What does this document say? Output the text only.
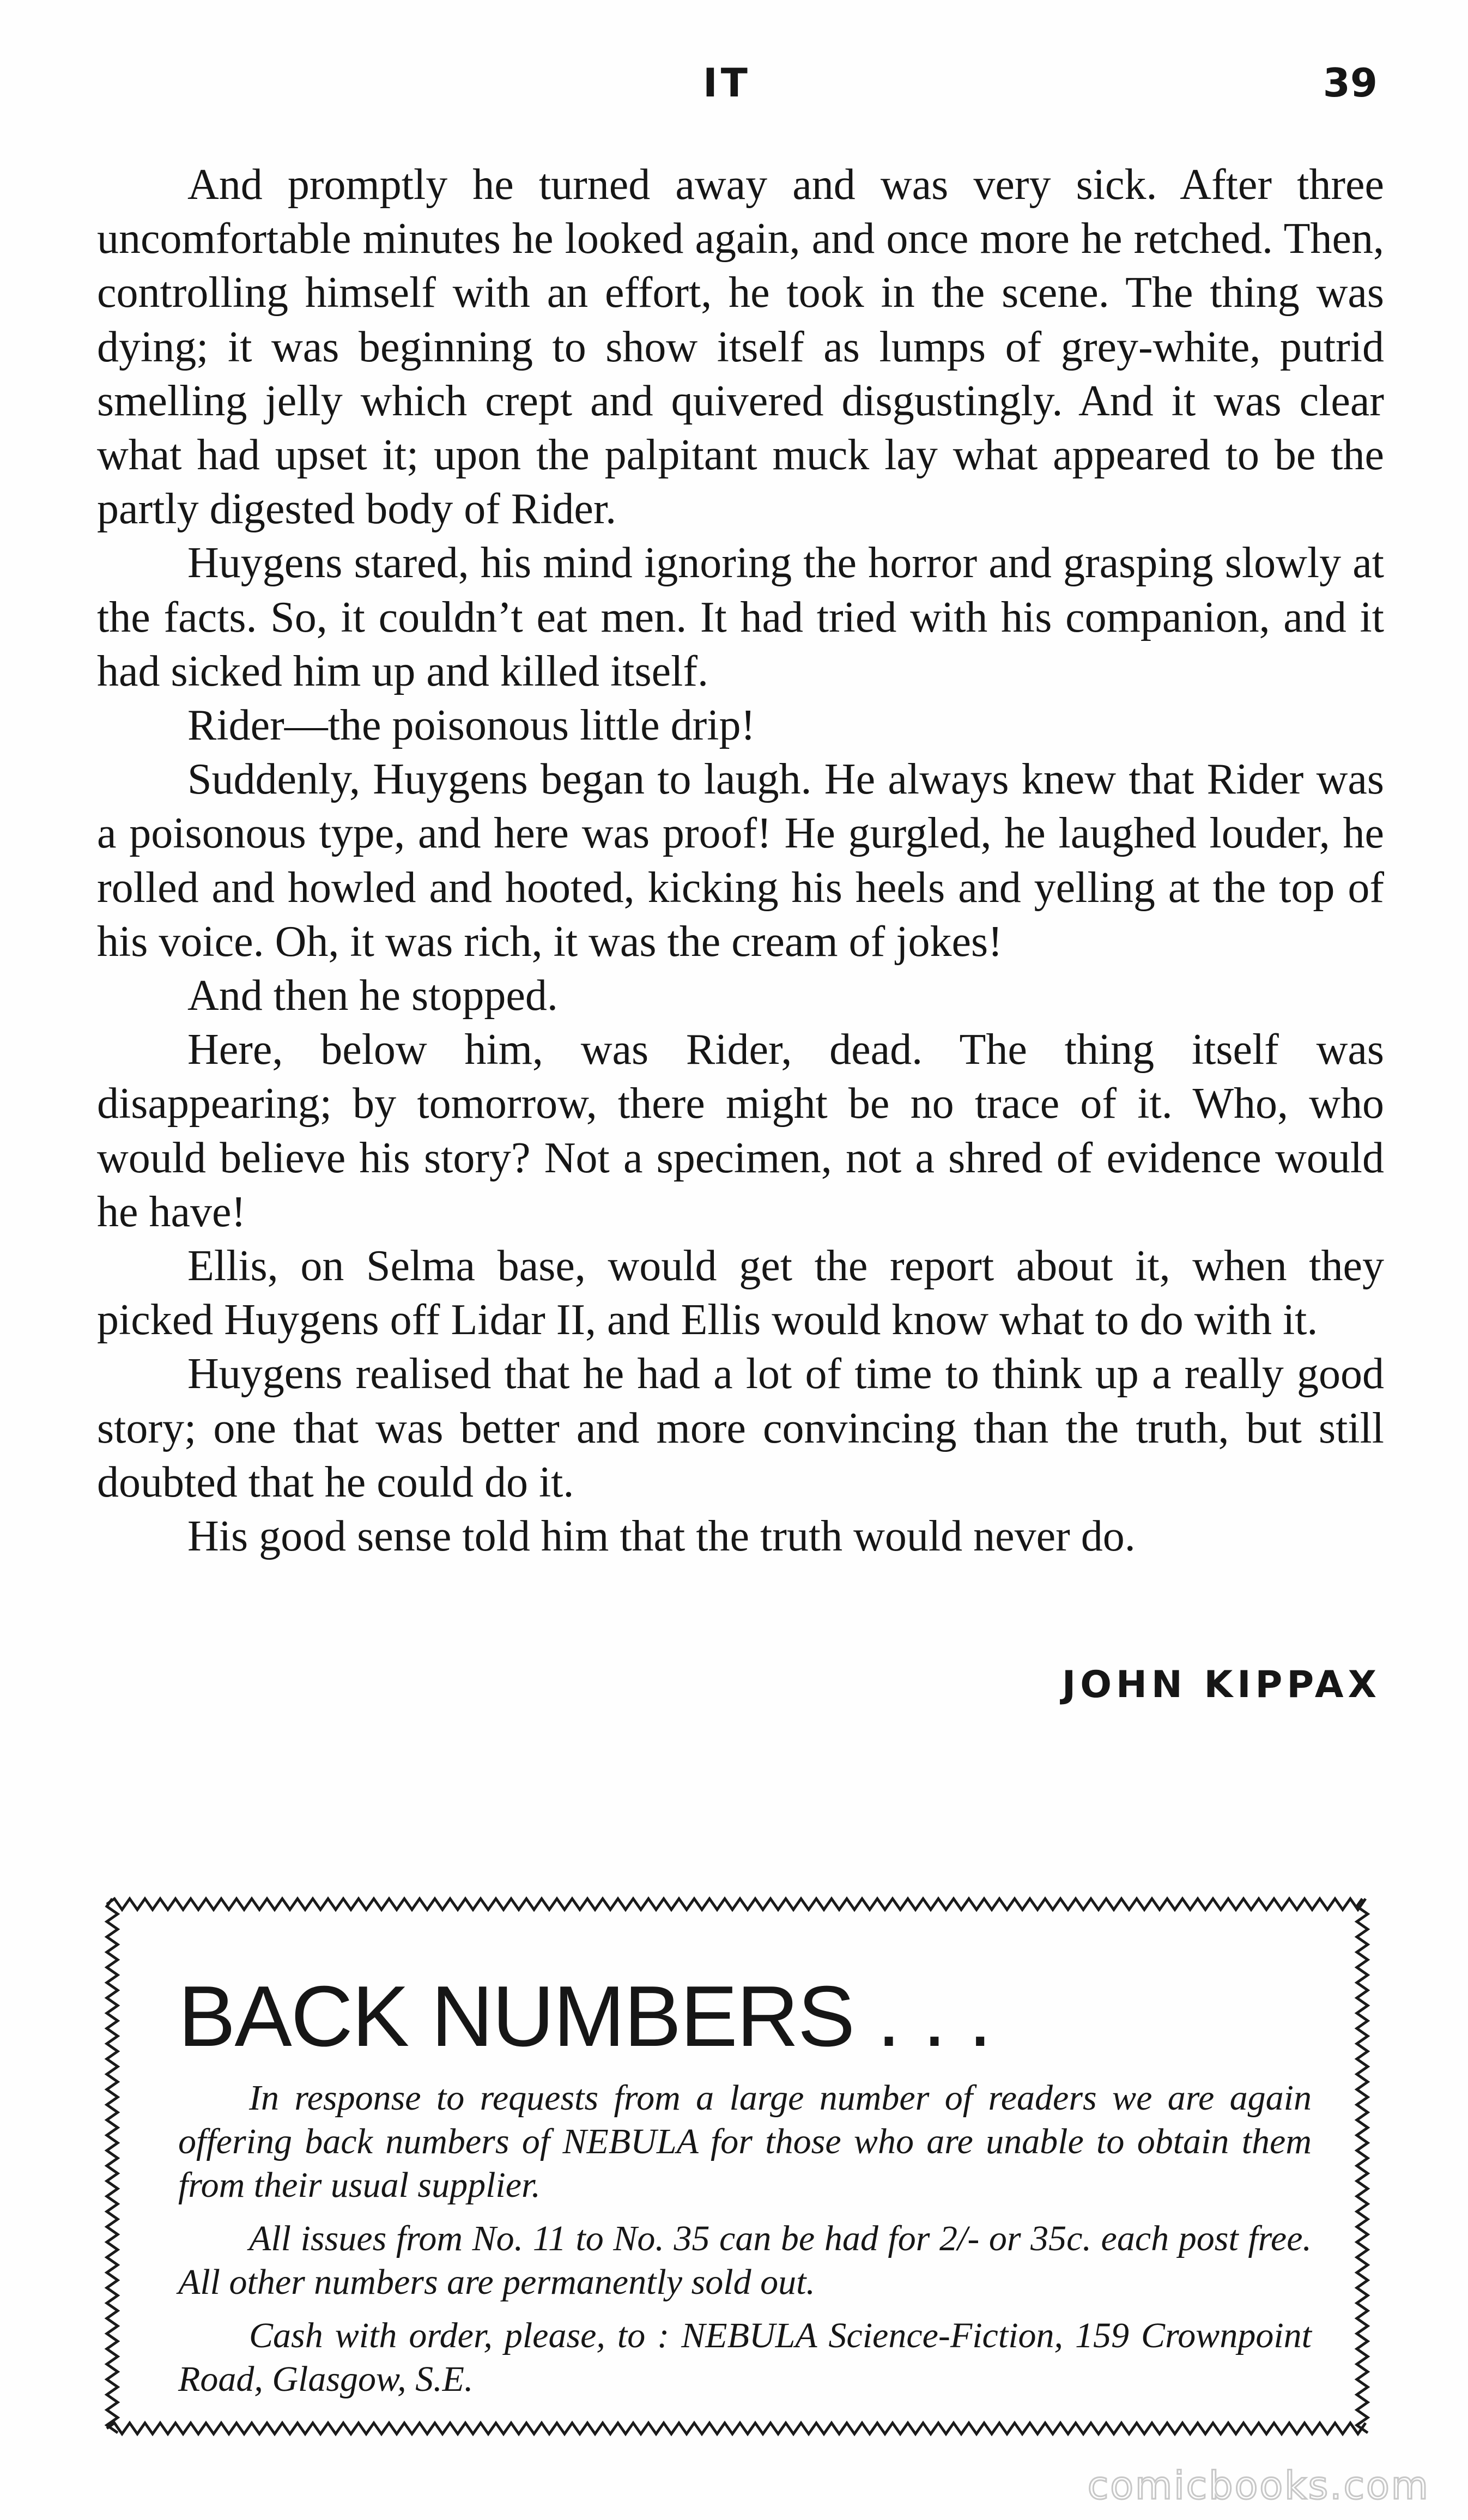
IT	39

And promptly he turned away and was very sick. After three uncomfortable minutes he looked again, and once more he retched. Then, controlling himself with an effort, he took in the scene. The thing was dying; it was beginning to show itself as lumps of grey-white, putrid smelling jelly which crept and quivered disgustingly. And it was clear what had upset it; upon the palpitant muck lay what appeared to be the partly digested body of Rider.

Huygens stared, his mind ignoring the horror and grasping slowly at the facts. So, it couldn’t eat men. It had tried with his companion, and it had sicked him up and killed itself.

Rider—the poisonous little drip!

Suddenly, Huygens began to laugh. He always knew that Rider was a poisonous type, and here was proof! He gurgled, he laughed louder, he rolled and howled and hooted, kicking his heels and yelling at the top of his voice. Oh, it was rich, it was the cream of jokes!

And then he stopped.

Here, below him, was Rider, dead. The thing itself was disappearing; by tomorrow, there might be no trace of it. Who, who would believe his story? Not a specimen, not a shred of evidence would he have!

Ellis, on Selma base, would get the report about it, when they picked Huygens off Lidar II, and Ellis would know what to do with it.

Huygens realised that he had a lot of time to think up a really good story; one that was better and more convincing than the truth, but still doubted that he could do it.

His good sense told him that the truth would never do.

JOHN KIPPAX
BACK NUMBERS . . .

In response to requests from a large number of readers we are again offering back numbers of NEBULA for those who are unable to obtain them from their usual supplier.

All issues from No. 11 to No. 35 can be had for 2/- or 35c. each post free. All other numbers are permanently sold out.

Cash with order, please, to : NEBULA Science-Fiction, 159 Crownpoint Road, Glasgow, S.E.

comicbooks.com
